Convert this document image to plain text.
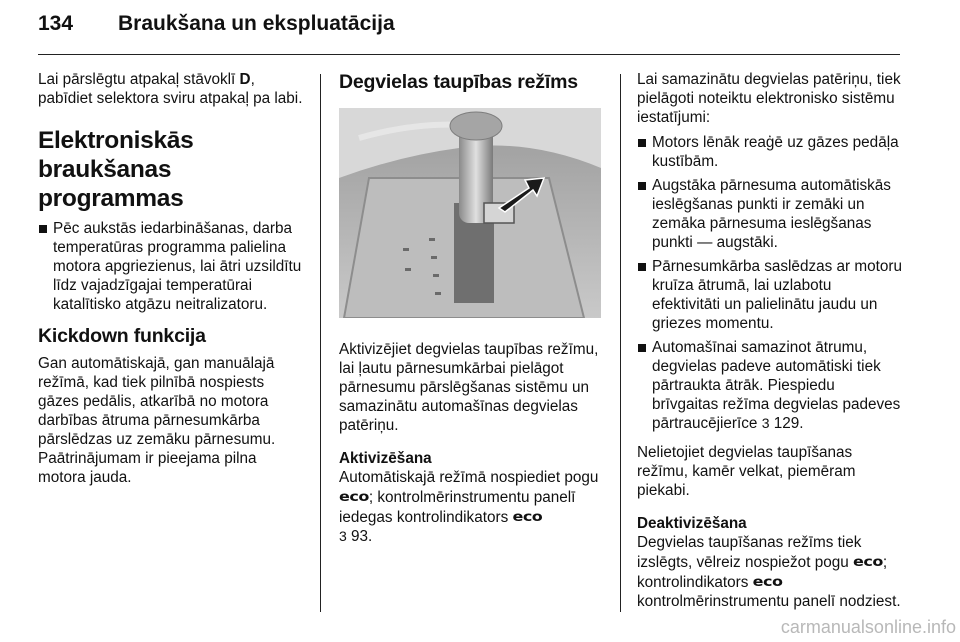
134 Braukšana un ekspluatācija

Lai pārslēgtu atpakaļ stāvoklī D, pabīdiet selektora sviru atpakaļ pa labi.

Elektroniskās braukšanas programmas
Pēc aukstās iedarbināšanas, darba temperatūras programma palielina motora apgriezienus, lai ātri uzsildītu līdz vajadzīgajai temperatūrai katalītisko atgāzu neitralizatoru.
Kickdown funkcija

Gan automātiskajā, gan manuālajā režīmā, kad tiek pilnībā nospiests gāzes pedālis, atkarībā no motora darbības ātruma pārnesumkārba pārslēdzas uz zemāku pārnesumu. Paātrinājumam ir pieejama pilna motora jauda.

Degvielas taupības režīms

Aktivizējiet degvielas taupības režīmu, lai ļautu pārnesumkārbai pielāgot pārnesumu pārslēgšanas sistēmu un samazinātu automašīnas degvielas patēriņu.

Aktivizēšana

Automātiskajā režīmā nospiediet pogu eco; kontrolmērinstrumentu panelī iedegas kontrolindikators eco
3 93.

Lai samazinātu degvielas patēriņu, tiek pielāgoti noteiktu elektronisko sistēmu iestatījumi:

Motors lēnāk reaģē uz gāzes pedāļa kustībām.
Augstāka pārnesuma automātiskās ieslēgšanas punkti ir zemāki un zemāka pārnesuma ieslēgšanas punkti — augstāki.
Pārnesumkārba saslēdzas ar motoru kruīza ātrumā, lai uzlabotu efektivitāti un palielinātu jaudu un griezes momentu.
Automašīnai samazinot ātrumu, degvielas padeve automātiski tiek pārtraukta ātrāk. Piespiedu brīvgaitas režīma degvielas padeves pārtraucējierīce 3 129.

Nelietojiet degvielas taupīšanas režīmu, kamēr velkat, piemēram piekabi.

Deaktivizēšana

Degvielas taupīšanas režīms tiek izslēgts, vēlreiz nospiežot pogu eco; kontrolindikators eco kontrolmērinstrumentu panelī nodziest.

carmanualsonline.info
